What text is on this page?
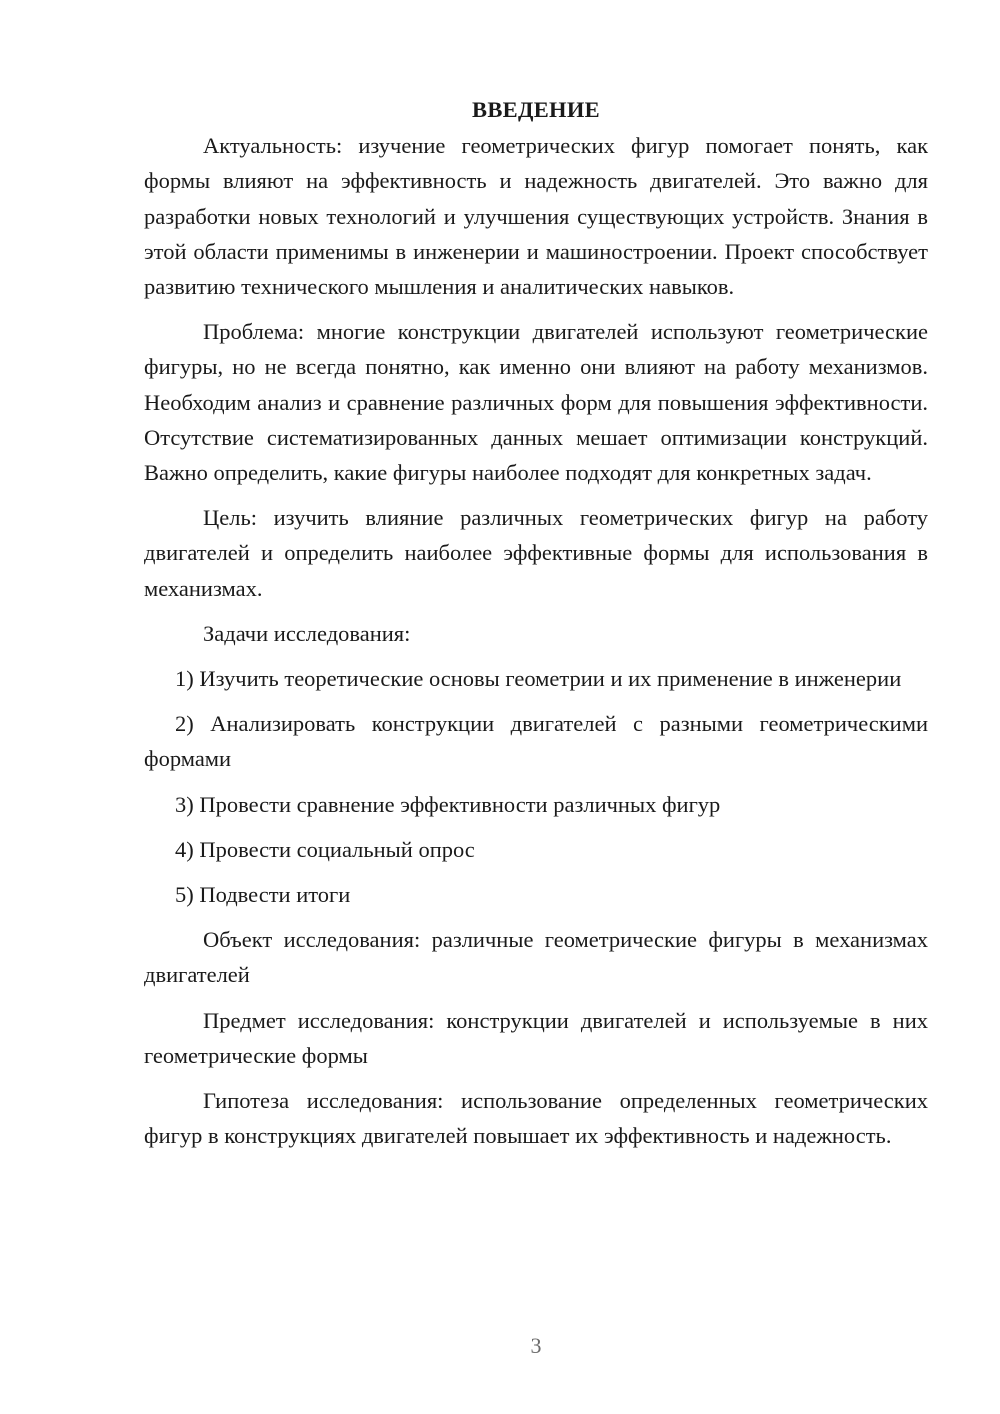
ВВЕДЕНИЕ

Актуальность: изучение геометрических фигур помогает понять, как формы влияют на эффективность и надежность двигателей. Это важно для разработки новых технологий и улучшения существующих устройств. Знания в этой области применимы в инженерии и машиностроении. Проект способствует развитию технического мышления и аналитических навыков.

Проблема: многие конструкции двигателей используют геометрические фигуры, но не всегда понятно, как именно они влияют на работу механизмов. Необходим анализ и сравнение различных форм для повышения эффективности. Отсутствие систематизированных данных мешает оптимизации конструкций. Важно определить, какие фигуры наиболее подходят для конкретных задач.

Цель: изучить влияние различных геометрических фигур на работу двигателей и определить наиболее эффективные формы для использования в механизмах.

Задачи исследования:

1) Изучить теоретические основы геометрии и их применение в инженерии

2) Анализировать конструкции двигателей с разными геометрическими формами

3) Провести сравнение эффективности различных фигур

4) Провести социальный опрос

5) Подвести итоги

Объект исследования: различные геометрические фигуры в механизмах двигателей

Предмет исследования: конструкции двигателей и используемые в них геометрические формы

Гипотеза исследования: использование определенных геометрических фигур в конструкциях двигателей повышает их эффективность и надежность.

3
